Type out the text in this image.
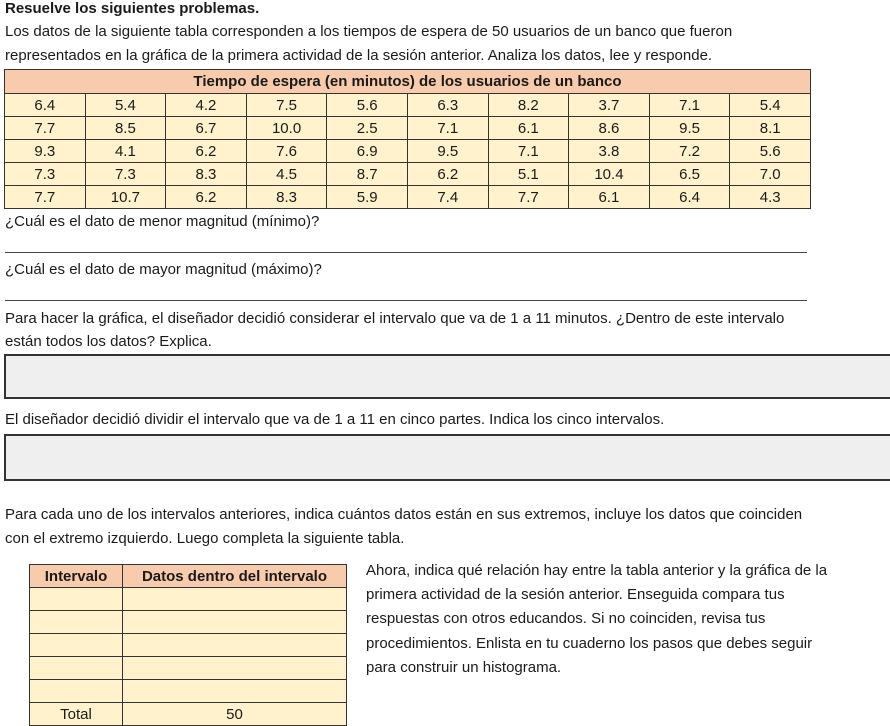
Resuelve los siguientes problemas.
Los datos de la siguiente tabla corresponden a los tiempos de espera de 50 usuarios de un banco que fueron
representados en la gráfica de la primera actividad de la sesión anterior. Analiza los datos, lee y responde.
Tiempo de espera (en minutos) de los usuarios de un banco									
6.4	5.4	4.2	7.5	5.6	6.3	8.2	3.7	7.1	5.4
7.7	8.5	6.7	10.0	2.5	7.1	6.1	8.6	9.5	8.1
9.3	4.1	6.2	7.6	6.9	9.5	7.1	3.8	7.2	5.6
7.3	7.3	8.3	4.5	8.7	6.2	5.1	10.4	6.5	7.0
7.7	10.7	6.2	8.3	5.9	7.4	7.7	6.1	6.4	4.3
¿Cuál es el dato de menor magnitud (mínimo)?
¿Cuál es el dato de mayor magnitud (máximo)?
Para hacer la gráfica, el diseñador decidió considerar el intervalo que va de 1 a 11 minutos. ¿Dentro de este intervalo
están todos los datos? Explica.
El diseñador decidió dividir el intervalo que va de 1 a 11 en cinco partes. Indica los cinco intervalos.
Para cada uno de los intervalos anteriores, indica cuántos datos están en sus extremos, incluye los datos que coinciden
con el extremo izquierdo. Luego completa la siguiente tabla.
Intervalo	Datos dentro del intervalo

Total	50
Ahora, indica qué relación hay entre la tabla anterior y la gráfica de la
primera actividad de la sesión anterior. Enseguida compara tus
respuestas con otros educandos. Si no coinciden, revisa tus
procedimientos. Enlista en tu cuaderno los pasos que debes seguir
para construir un histograma.
